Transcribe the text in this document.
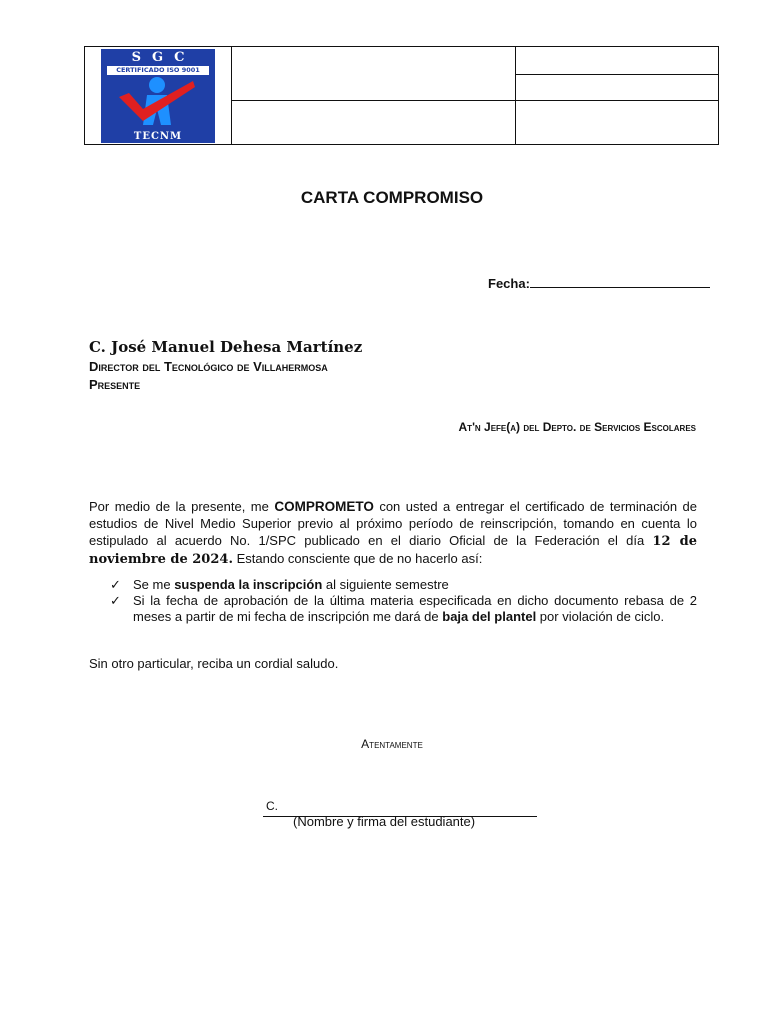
SGC
CERTIFICADO ISO 9001
TECNM		

CARTA COMPROMISO
Fecha:
C. José Manuel Dehesa Martínez
Director del Tecnológico de Villahermosa
Presente
At'n Jefe(a) del Depto. de Servicios Escolares
Por medio de la presente, me COMPROMETO con usted a entregar el certificado de terminación de estudios de Nivel Medio Superior previo al próximo período de reinscripción, tomando en cuenta lo estipulado al acuerdo No. 1/SPC publicado en el diario Oficial de la Federación el día 12 de noviembre de 2024. Estando consciente que de no hacerlo así:
✓ Se me suspenda la inscripción al siguiente semestre
✓ Si la fecha de aprobación de la última materia especificada en dicho documento rebasa de 2 meses a partir de mi fecha de inscripción me dará de baja del plantel por violación de ciclo.
Sin otro particular, reciba un cordial saludo.
Atentamente
C.
(Nombre y firma del estudiante)
